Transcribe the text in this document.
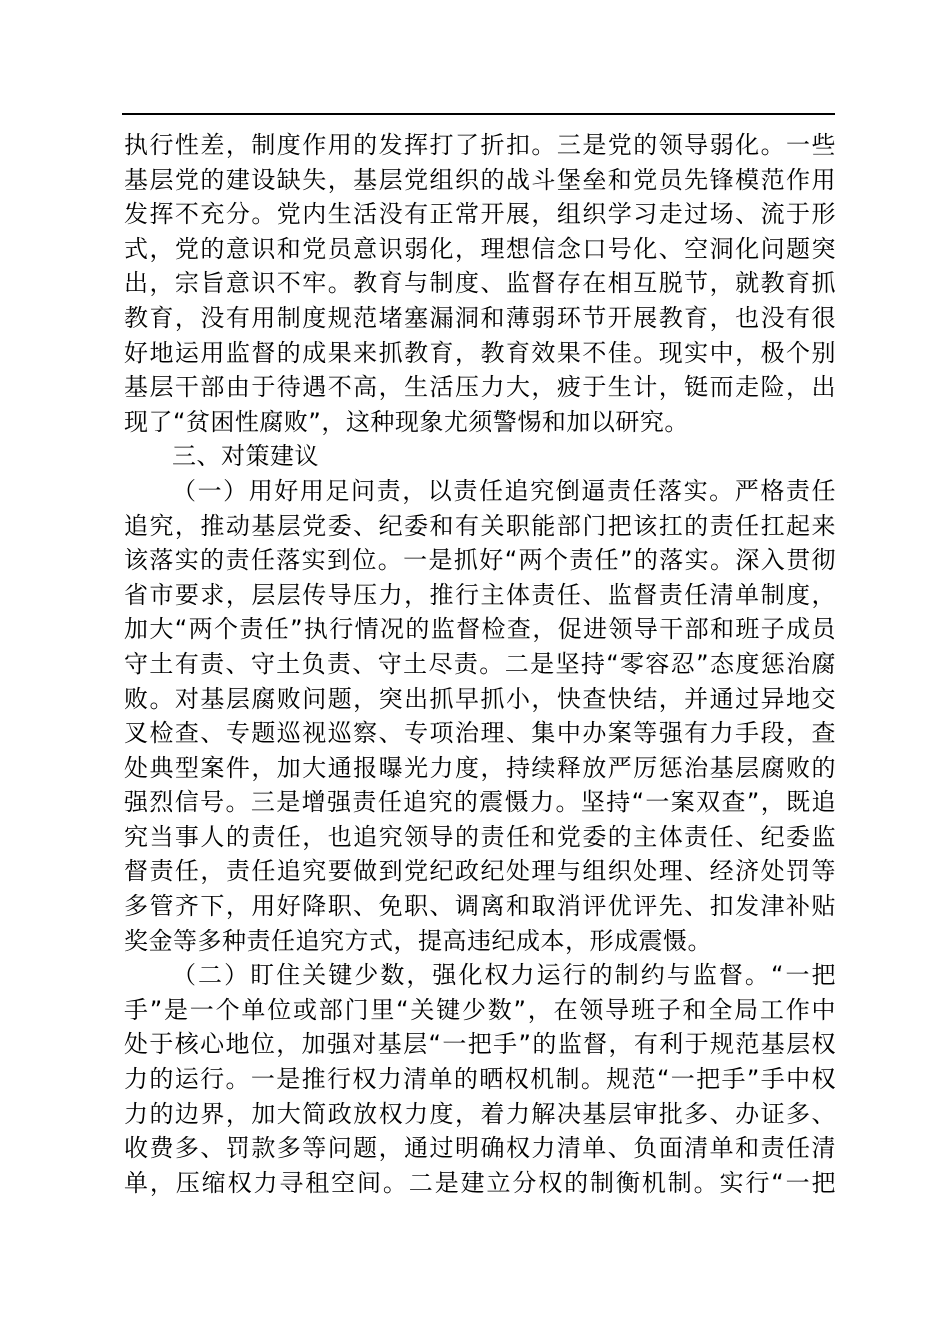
执行性差，制度作用的发挥打了折扣。三是党的领导弱化。一些
基层党的建设缺失，基层党组织的战斗堡垒和党员先锋模范作用
发挥不充分。党内生活没有正常开展，组织学习走过场、流于形
式，党的意识和党员意识弱化，理想信念口号化、空洞化问题突
出，宗旨意识不牢。教育与制度、监督存在相互脱节，就教育抓
教育，没有用制度规范堵塞漏洞和薄弱环节开展教育，也没有很
好地运用监督的成果来抓教育，教育效果不佳。现实中，极个别
基层干部由于待遇不高，生活压力大，疲于生计，铤而走险，出
现了“贫困性腐败”，这种现象尤须警惕和加以研究。
三、对策建议
（一）用好用足问责，以责任追究倒逼责任落实。严格责任
追究，推动基层党委、纪委和有关职能部门把该扛的责任扛起来
该落实的责任落实到位。一是抓好“两个责任”的落实。深入贯彻
省市要求，层层传导压力，推行主体责任、监督责任清单制度，
加大“两个责任”执行情况的监督检查，促进领导干部和班子成员
守土有责、守土负责、守土尽责。二是坚持“零容忍”态度惩治腐
败。对基层腐败问题，突出抓早抓小，快查快结，并通过异地交
叉检查、专题巡视巡察、专项治理、集中办案等强有力手段，查
处典型案件，加大通报曝光力度，持续释放严厉惩治基层腐败的
强烈信号。三是增强责任追究的震慑力。坚持“一案双查”，既追
究当事人的责任，也追究领导的责任和党委的主体责任、纪委监
督责任，责任追究要做到党纪政纪处理与组织处理、经济处罚等
多管齐下，用好降职、免职、调离和取消评优评先、扣发津补贴
奖金等多种责任追究方式，提高违纪成本，形成震慑。
（二）盯住关键少数，强化权力运行的制约与监督。“一把
手”是一个单位或部门里“关键少数”，在领导班子和全局工作中
处于核心地位，加强对基层“一把手”的监督，有利于规范基层权
力的运行。一是推行权力清单的晒权机制。规范“一把手”手中权
力的边界，加大简政放权力度，着力解决基层审批多、办证多、
收费多、罚款多等问题，通过明确权力清单、负面清单和责任清
单，压缩权力寻租空间。二是建立分权的制衡机制。实行“一把
